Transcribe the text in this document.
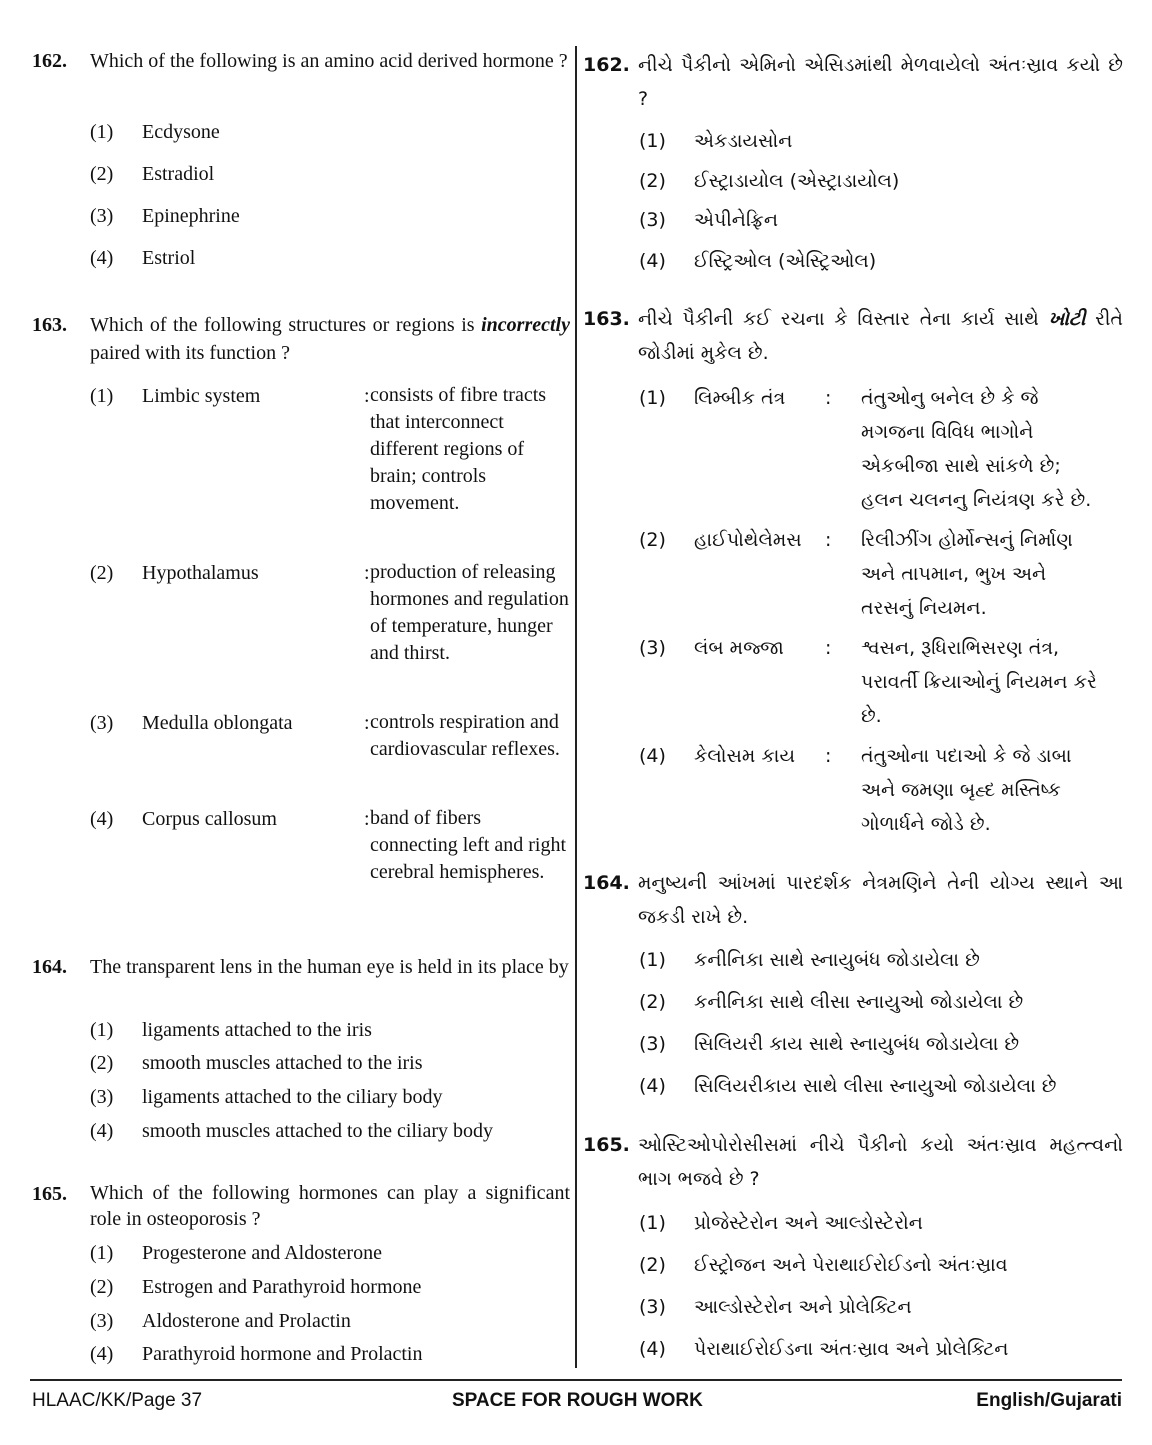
162. Which of the following is an amino acid derived hormone ?
(1) Ecdysone
(2) Estradiol
(3) Epinephrine
(4) Estriol
163. Which of the following structures or regions is incorrectly paired with its function ?
(1) Limbic system	: consists of fibre tracts that interconnect different regions of brain; controls movement.
(2) Hypothalamus	: production of releasing hormones and regulation of temperature, hunger and thirst.
(3) Medulla oblongata	: controls respiration and cardiovascular reflexes.
(4) Corpus callosum	: band of fibers connecting left and right cerebral hemispheres.
164. The transparent lens in the human eye is held in its place by
(1) ligaments attached to the iris
(2) smooth muscles attached to the iris
(3) ligaments attached to the ciliary body
(4) smooth muscles attached to the ciliary body
165. Which of the following hormones can play a significant role in osteoporosis ?
(1) Progesterone and Aldosterone
(2) Estrogen and Parathyroid hormone
(3) Aldosterone and Prolactin
(4) Parathyroid hormone and Prolactin
162. નીચે પૈકીનો એમિનો એસિડમાંથી મેળવાયેલો અંતઃસ્રાવ કયો છે ?
(1) એકડાયસોન
(2) ઈસ્ટ્રાડાયોલ (એસ્ટ્રાડાયોલ)
(3) એપીનેફ્રિન
(4) ઈસ્ટ્રિઓલ (એસ્ટ્રિઓલ)
163. નીચે પૈકીની કઈ રચના કે વિસ્તાર તેના કાર્ય સાથે ખોટી રીતે જોડીમાં મુકેલ છે.
(1) લિમ્બીક તંત્ર : તંતુઓનુ બનેલ છે કે જે મગજના વિવિધ ભાગોને એકબીજા સાથે સાંકળે છે; હલન ચલનનુ નિયંત્રણ કરે છે.
(2) હાઈપોથેલેમસ : રિલીઝીંગ હોર્મોન્સનું નિર્માણ અને તાપમાન, ભુખ અને તરસનું નિયમન.
(3) લંબ મજ્જા : શ્વસન, રૂધિરાભિસરણ તંત્ર, પરાવર્તી ક્રિયાઓનું નિયમન કરે છે.
(4) કેલોસમ કાય : તંતુઓના પદાઓ કે જે ડાબા અને જમણા બૃહ્દ મસ્તિષ્ક ગોળાર્ધને જોડે છે.
164. મનુષ્યની આંખમાં પારદર્શક નેત્રમણિને તેની યોગ્ય સ્થાને આ જકડી રાખે છે.
(1) કનીનિકા સાથે સ્નાયુબંધ જોડાયેલા છે
(2) કનીનિકા સાથે લીસા સ્નાયુઓ જોડાયેલા છે
(3) સિલિયરી કાય સાથે સ્નાયુબંધ જોડાયેલા છે
(4) સિલિયરીકાય સાથે લીસા સ્નાયુઓ જોડાયેલા છે
165. ઓસ્ટિઓપોરોસીસમાં નીચે પૈકીનો કયો અંતઃસ્રાવ મહત્ત્વનો ભાગ ભજવે છે ?
(1) પ્રોજેસ્ટેરોન અને આલ્ડોસ્ટેરોન
(2) ઈસ્ટ્રોજન અને પેરાથાઈરોઈડનો અંતઃસ્રાવ
(3) આલ્ડોસ્ટેરોન અને પ્રોલેક્ટિન
(4) પેરાથાઈરોઈડના અંતઃસ્રાવ અને પ્રોલેક્ટિન
HLAAC/KK/Page 37	SPACE FOR ROUGH WORK	English/Gujarati
